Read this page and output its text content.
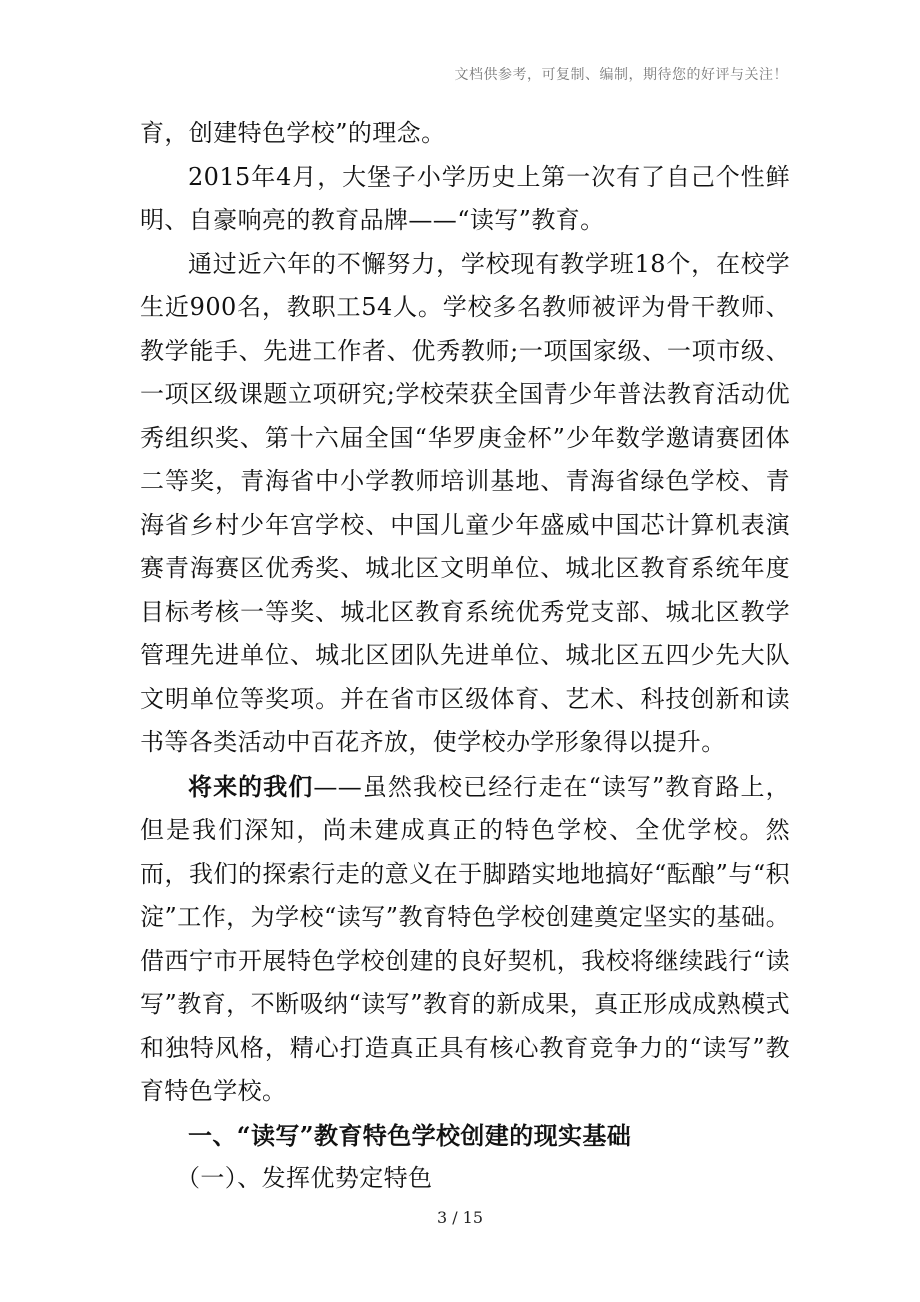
文档供参考，可复制、编制，期待您的好评与关注！

育，创建特色学校”的理念。

2015年4月，大堡子小学历史上第一次有了自己个性鲜明、自豪响亮的教育品牌——“读写”教育。

通过近六年的不懈努力，学校现有教学班18个，在校学生近900名，教职工54人。学校多名教师被评为骨干教师、教学能手、先进工作者、优秀教师;一项国家级、一项市级、一项区级课题立项研究;学校荣获全国青少年普法教育活动优秀组织奖、第十六届全国“华罗庚金杯”少年数学邀请赛团体二等奖，青海省中小学教师培训基地、青海省绿色学校、青海省乡村少年宫学校、中国儿童少年盛威中国芯计算机表演赛青海赛区优秀奖、城北区文明单位、城北区教育系统年度目标考核一等奖、城北区教育系统优秀党支部、城北区教学管理先进单位、城北区团队先进单位、城北区五四少先大队文明单位等奖项。并在省市区级体育、艺术、科技创新和读书等各类活动中百花齐放，使学校办学形象得以提升。

将来的我们——虽然我校已经行走在“读写”教育路上，但是我们深知，尚未建成真正的特色学校、全优学校。然而，我们的探索行走的意义在于脚踏实地地搞好“酝酿”与“积淀”工作，为学校“读写”教育特色学校创建奠定坚实的基础。借西宁市开展特色学校创建的良好契机，我校将继续践行“读写”教育，不断吸纳“读写”教育的新成果，真正形成成熟模式和独特风格，精心打造真正具有核心教育竞争力的“读写”教育特色学校。

一、“读写”教育特色学校创建的现实基础

（一）、发挥优势定特色

3 / 15
